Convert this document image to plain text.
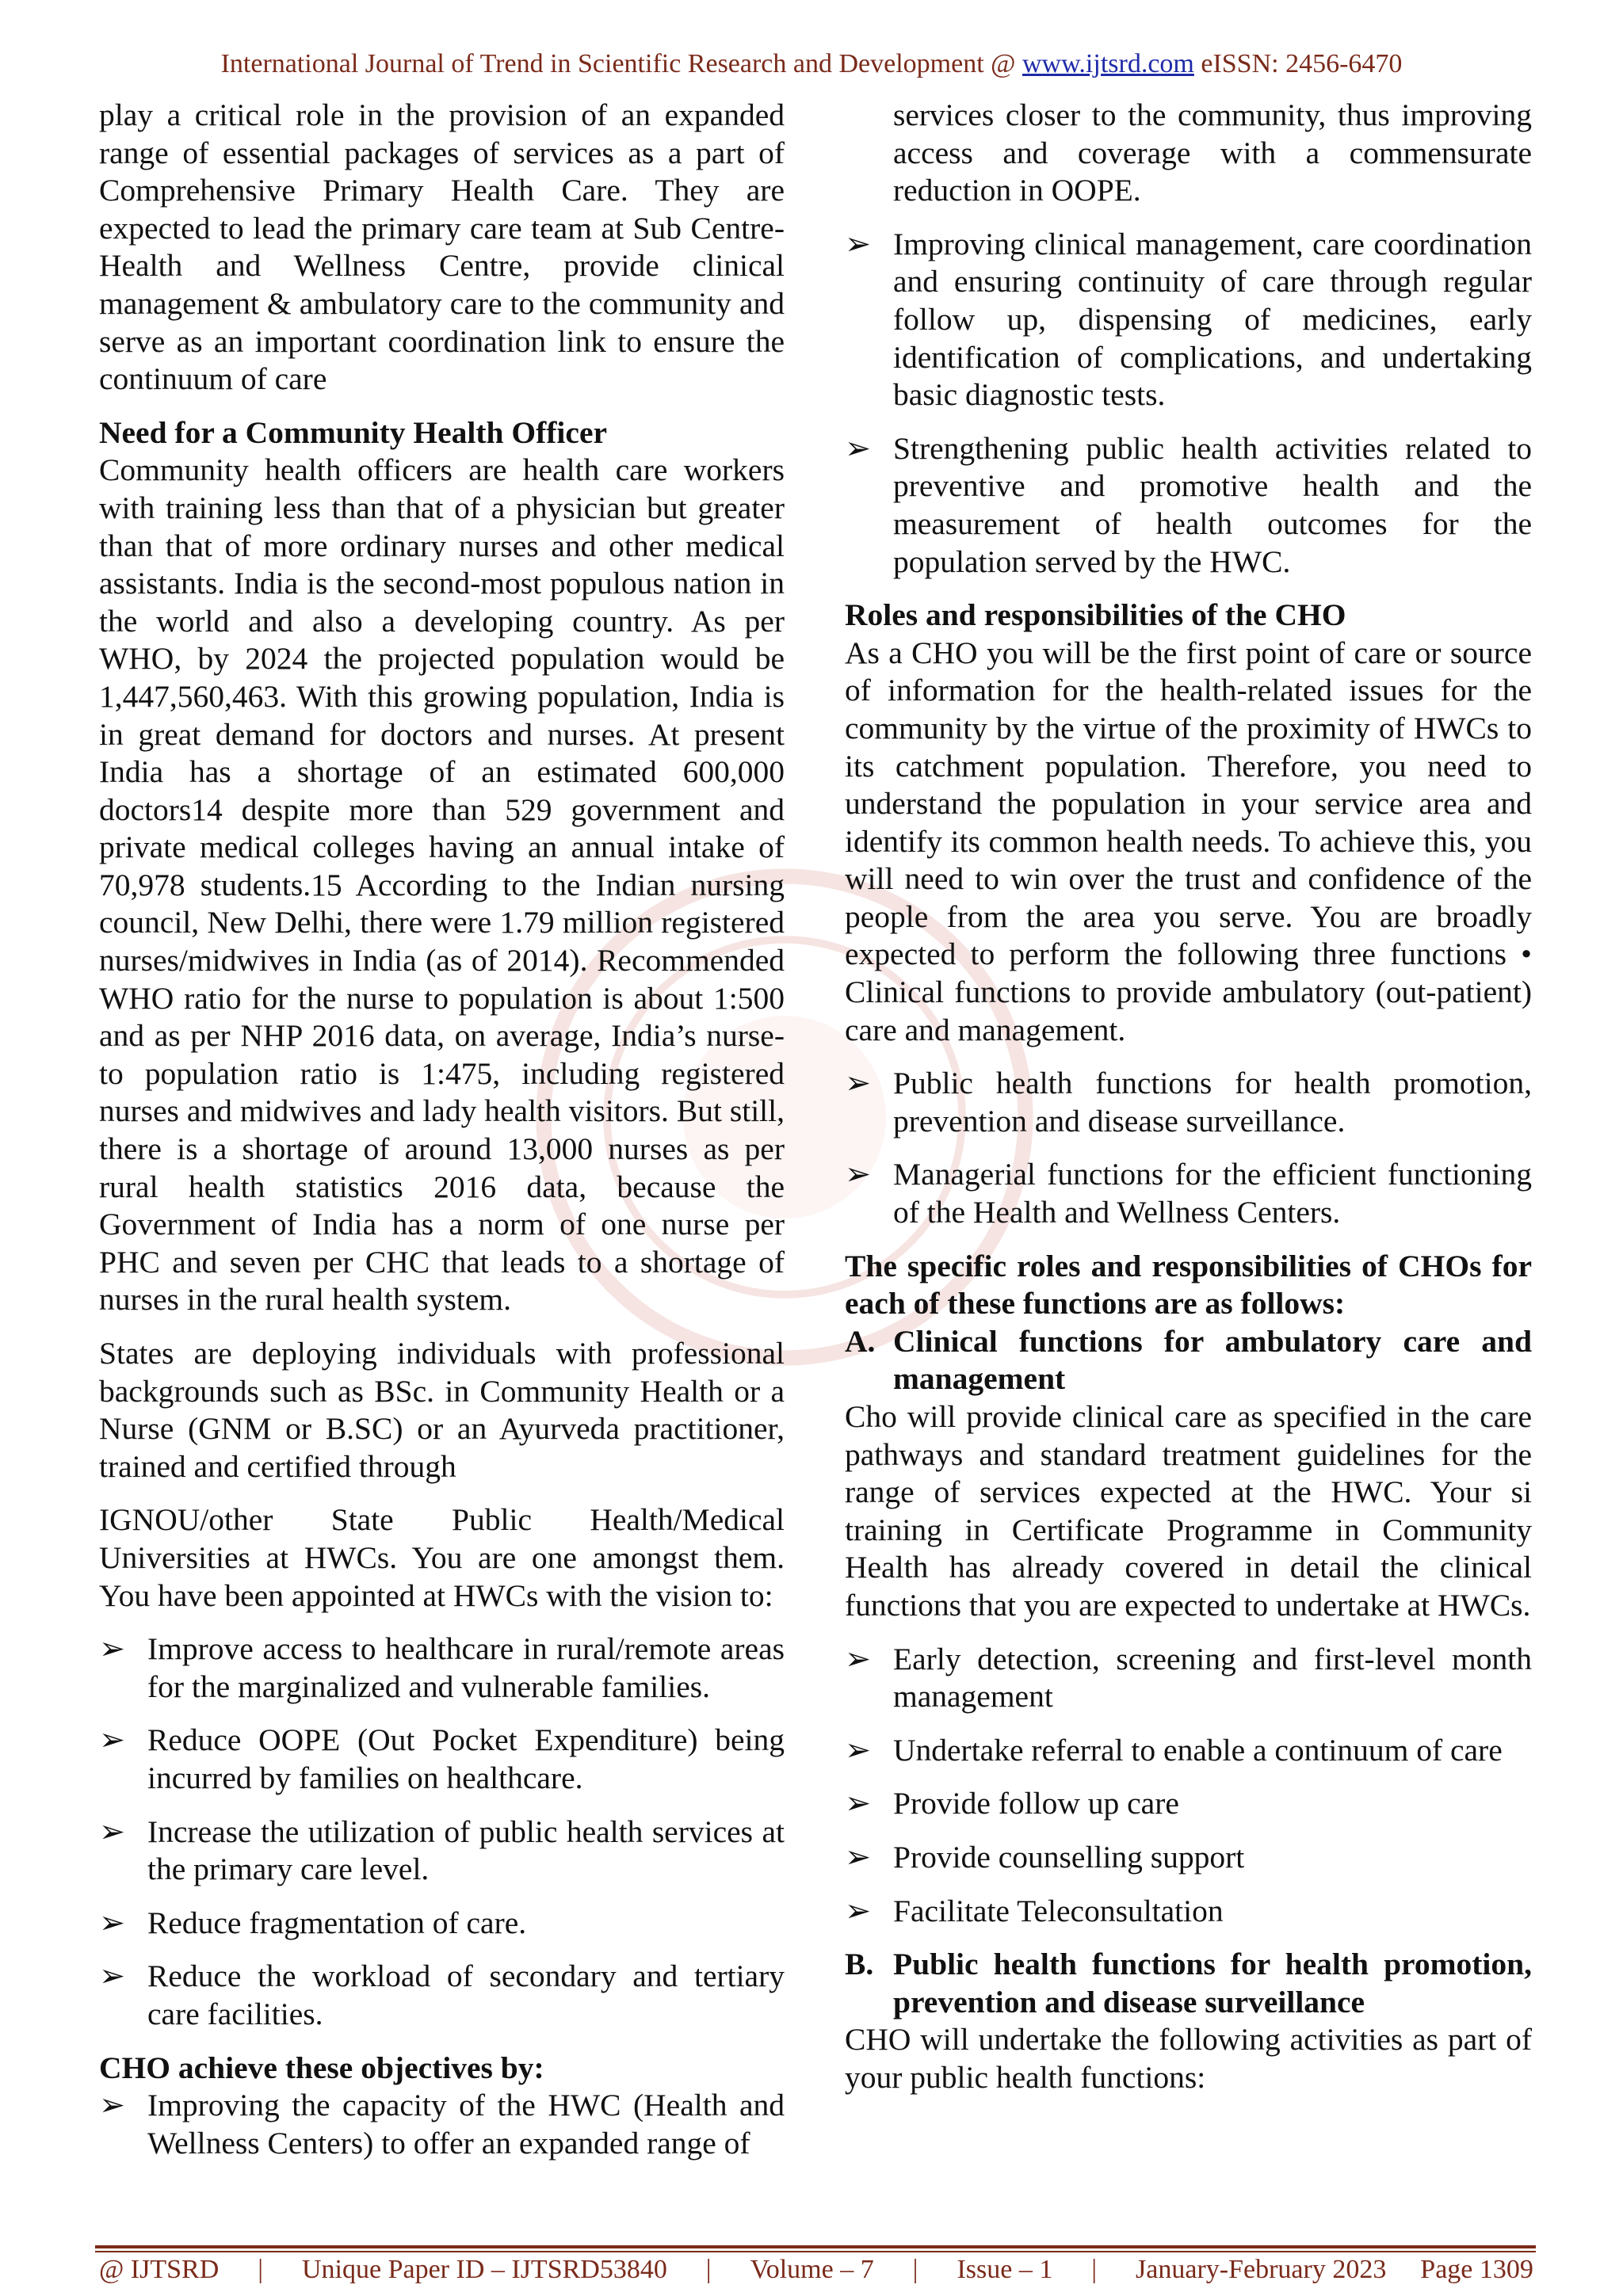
International Journal of Trend in Scientific Research and Development @ www.ijtsrd.com eISSN: 2456-6470

play a critical role in the provision of an expanded range of essential packages of services as a part of Comprehensive Primary Health Care. They are expected to lead the primary care team at Sub Centre-Health and Wellness Centre, provide clinical management & ambulatory care to the community and serve as an important coordination link to ensure the continuum of care

Need for a Community Health Officer

Community health officers are health care workers with training less than that of a physician but greater than that of more ordinary nurses and other medical assistants. India is the second-most populous nation in the world and also a developing country. As per WHO, by 2024 the projected population would be 1,447,560,463. With this growing population, India is in great demand for doctors and nurses. At present India has a shortage of an estimated 600,000 doctors14 despite more than 529 government and private medical colleges having an annual intake of 70,978 students.15 According to the Indian nursing council, New Delhi, there were 1.79 million registered nurses/midwives in India (as of 2014). Recommended WHO ratio for the nurse to population is about 1:500 and as per NHP 2016 data, on average, India’s nurse-to population ratio is 1:475, including registered nurses and midwives and lady health visitors. But still, there is a shortage of around 13,000 nurses as per rural health statistics 2016 data, because the Government of India has a norm of one nurse per PHC and seven per CHC that leads to a shortage of nurses in the rural health system.

States are deploying individuals with professional backgrounds such as BSc. in Community Health or a Nurse (GNM or B.SC) or an Ayurveda practitioner, trained and certified through

IGNOU/other State Public Health/Medical Universities at HWCs. You are one amongst them. You have been appointed at HWCs with the vision to:

➢ Improve access to healthcare in rural/remote areas for the marginalized and vulnerable families.
➢ Reduce OOPE (Out Pocket Expenditure) being incurred by families on healthcare.
➢ Increase the utilization of public health services at the primary care level.
➢ Reduce fragmentation of care.
➢ Reduce the workload of secondary and tertiary care facilities.
CHO achieve these objectives by:
➢ Improving the capacity of the HWC (Health and Wellness Centers) to offer an expanded range of

services closer to the community, thus improving access and coverage with a commensurate reduction in OOPE.

➢ Improving clinical management, care coordination and ensuring continuity of care through regular follow up, dispensing of medicines, early identification of complications, and undertaking basic diagnostic tests.
➢ Strengthening public health activities related to preventive and promotive health and the measurement of health outcomes for the population served by the HWC.
Roles and responsibilities of the CHO

As a CHO you will be the first point of care or source of information for the health-related issues for the community by the virtue of the proximity of HWCs to its catchment population. Therefore, you need to understand the population in your service area and identify its common health needs. To achieve this, you will need to win over the trust and confidence of the people from the area you serve. You are broadly expected to perform the following three functions • Clinical functions to provide ambulatory (out-patient) care and management.

➢ Public health functions for health promotion, prevention and disease surveillance.
➢ Managerial functions for the efficient functioning of the Health and Wellness Centers.
The specific roles and responsibilities of CHOs for each of these functions are as follows:
A. Clinical functions for ambulatory care and management

Cho will provide clinical care as specified in the care pathways and standard treatment guidelines for the range of services expected at the HWC. Your si training in Certificate Programme in Community Health has already covered in detail the clinical functions that you are expected to undertake at HWCs.

➢ Early detection, screening and first-level month management
➢ Undertake referral to enable a continuum of care
➢ Provide follow up care
➢ Provide counselling support
➢ Facilitate Teleconsultation
B. Public health functions for health promotion, prevention and disease surveillance

CHO will undertake the following activities as part of your public health functions:

@ IJTSRD | Unique Paper ID – IJTSRD53840 | Volume – 7 | Issue – 1 | January-February 2023 Page 1309
